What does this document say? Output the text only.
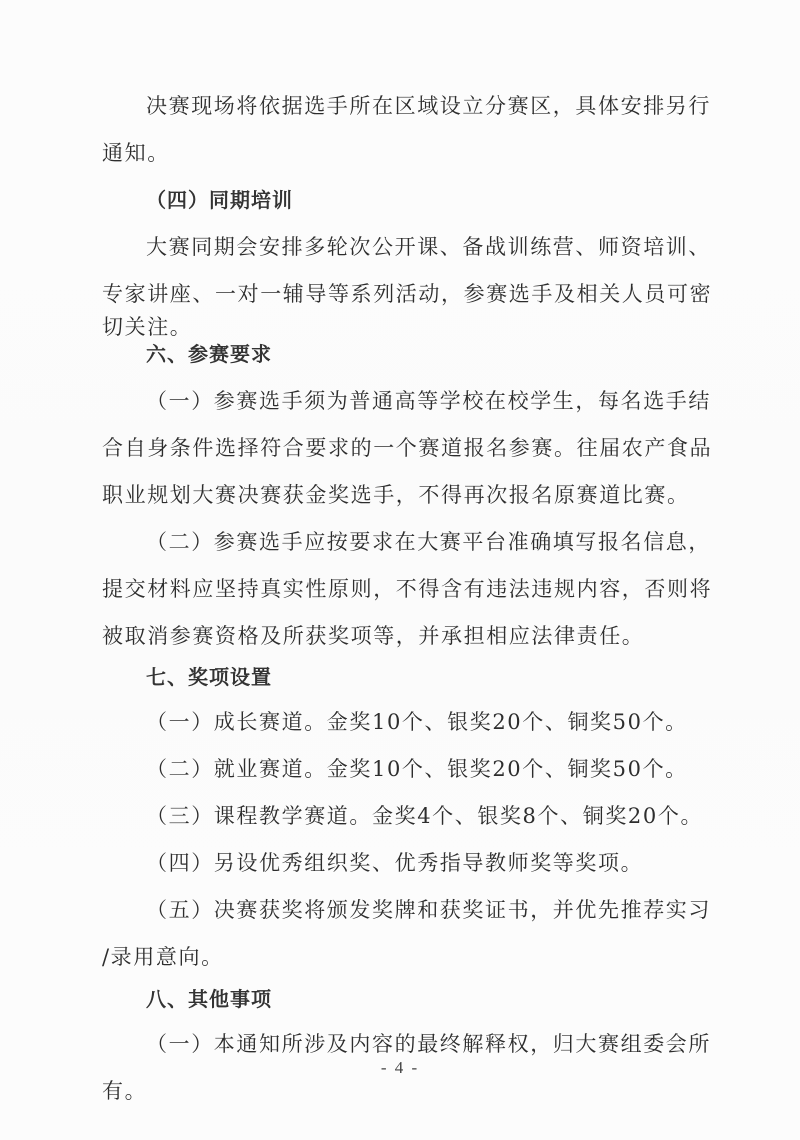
决赛现场将依据选手所在区域设立分赛区，具体安排另行
通知。
（四）同期培训
大赛同期会安排多轮次公开课、备战训练营、师资培训、
专家讲座、一对一辅导等系列活动，参赛选手及相关人员可密
切关注。
六、参赛要求
（一）参赛选手须为普通高等学校在校学生，每名选手结
合自身条件选择符合要求的一个赛道报名参赛。往届农产食品
职业规划大赛决赛获金奖选手，不得再次报名原赛道比赛。
（二）参赛选手应按要求在大赛平台准确填写报名信息，
提交材料应坚持真实性原则，不得含有违法违规内容，否则将
被取消参赛资格及所获奖项等，并承担相应法律责任。
七、奖项设置
（一）成长赛道。金奖10个、银奖20个、铜奖50个。
（二）就业赛道。金奖10个、银奖20个、铜奖50个。
（三）课程教学赛道。金奖4个、银奖8个、铜奖20个。
（四）另设优秀组织奖、优秀指导教师奖等奖项。
（五）决赛获奖将颁发奖牌和获奖证书，并优先推荐实习
/录用意向。
八、其他事项
（一）本通知所涉及内容的最终解释权，归大赛组委会所
有。
- 4 -
